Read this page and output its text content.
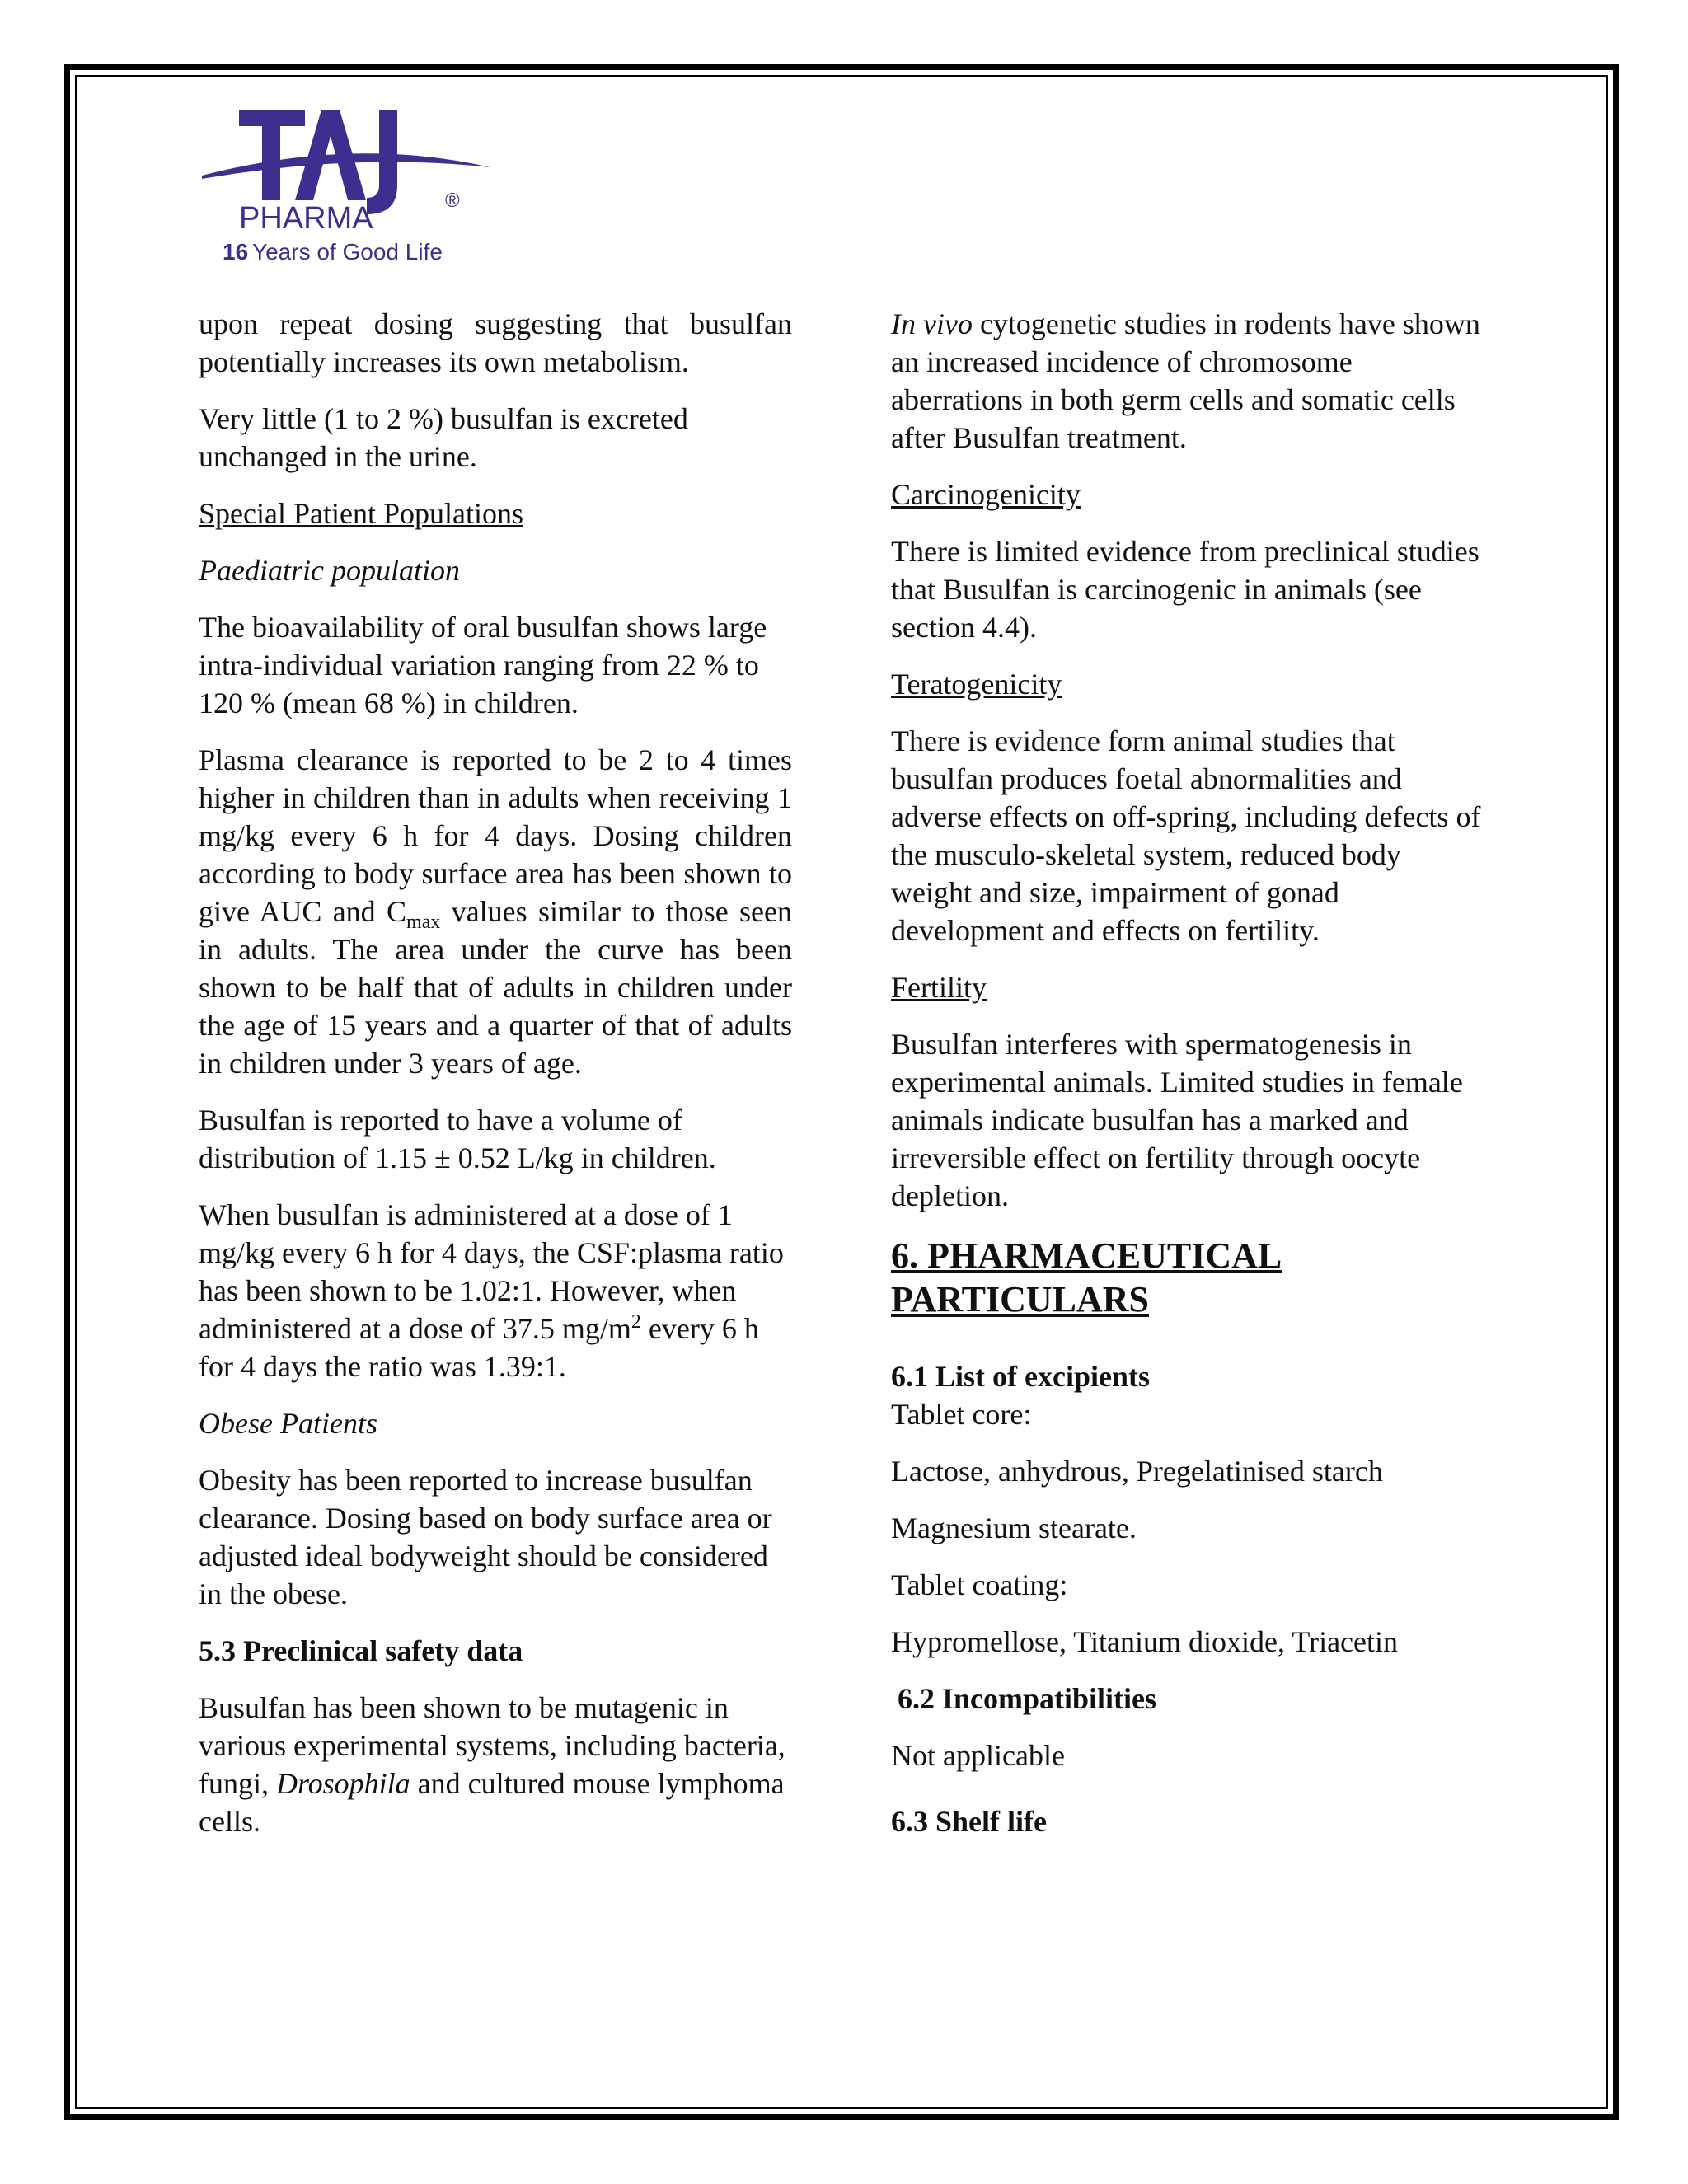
PHARMA
®
16 Years of Good Life

upon repeat dosing suggesting that busulfan potentially increases its own metabolism.

Very little (1 to 2 %) busulfan is excreted unchanged in the urine.

Special Patient Populations

Paediatric population

The bioavailability of oral busulfan shows large intra-individual variation ranging from 22 % to 120 % (mean 68 %) in children.

Plasma clearance is reported to be 2 to 4 times higher in children than in adults when receiving 1 mg/kg every 6 h for 4 days. Dosing children according to body surface area has been shown to give AUC and $C_{max}$ values similar to those seen in adults. The area under the curve has been shown to be half that of adults in children under the age of 15 years and a quarter of that of adults in children under 3 years of age.

Busulfan is reported to have a volume of distribution of 1.15 ± 0.52 L/kg in children.

When busulfan is administered at a dose of 1 mg/kg every 6 h for 4 days, the CSF:plasma ratio has been shown to be 1.02:1. However, when administered at a dose of 37.5 $mg/m^2$ every 6 h for 4 days the ratio was 1.39:1.

Obese Patients

Obesity has been reported to increase busulfan clearance. Dosing based on body surface area or adjusted ideal bodyweight should be considered in the obese.

5.3 Preclinical safety data

Busulfan has been shown to be mutagenic in various experimental systems, including bacteria, fungi, Drosophila and cultured mouse lymphoma cells.

In vivo cytogenetic studies in rodents have shown an increased incidence of chromosome aberrations in both germ cells and somatic cells after Busulfan treatment.

Carcinogenicity

There is limited evidence from preclinical studies that Busulfan is carcinogenic in animals (see section 4.4).

Teratogenicity

There is evidence form animal studies that busulfan produces foetal abnormalities and adverse effects on off-spring, including defects of the musculo-skeletal system, reduced body weight and size, impairment of gonad development and effects on fertility.

Fertility

Busulfan interferes with spermatogenesis in experimental animals. Limited studies in female animals indicate busulfan has a marked and irreversible effect on fertility through oocyte depletion.

6. PHARMACEUTICAL
PARTICULARS

6.1 List of excipients

Tablet core:

Lactose, anhydrous, Pregelatinised starch

Magnesium stearate.

Tablet coating:

Hypromellose, Titanium dioxide, Triacetin

6.2 Incompatibilities

Not applicable

6.3 Shelf life
